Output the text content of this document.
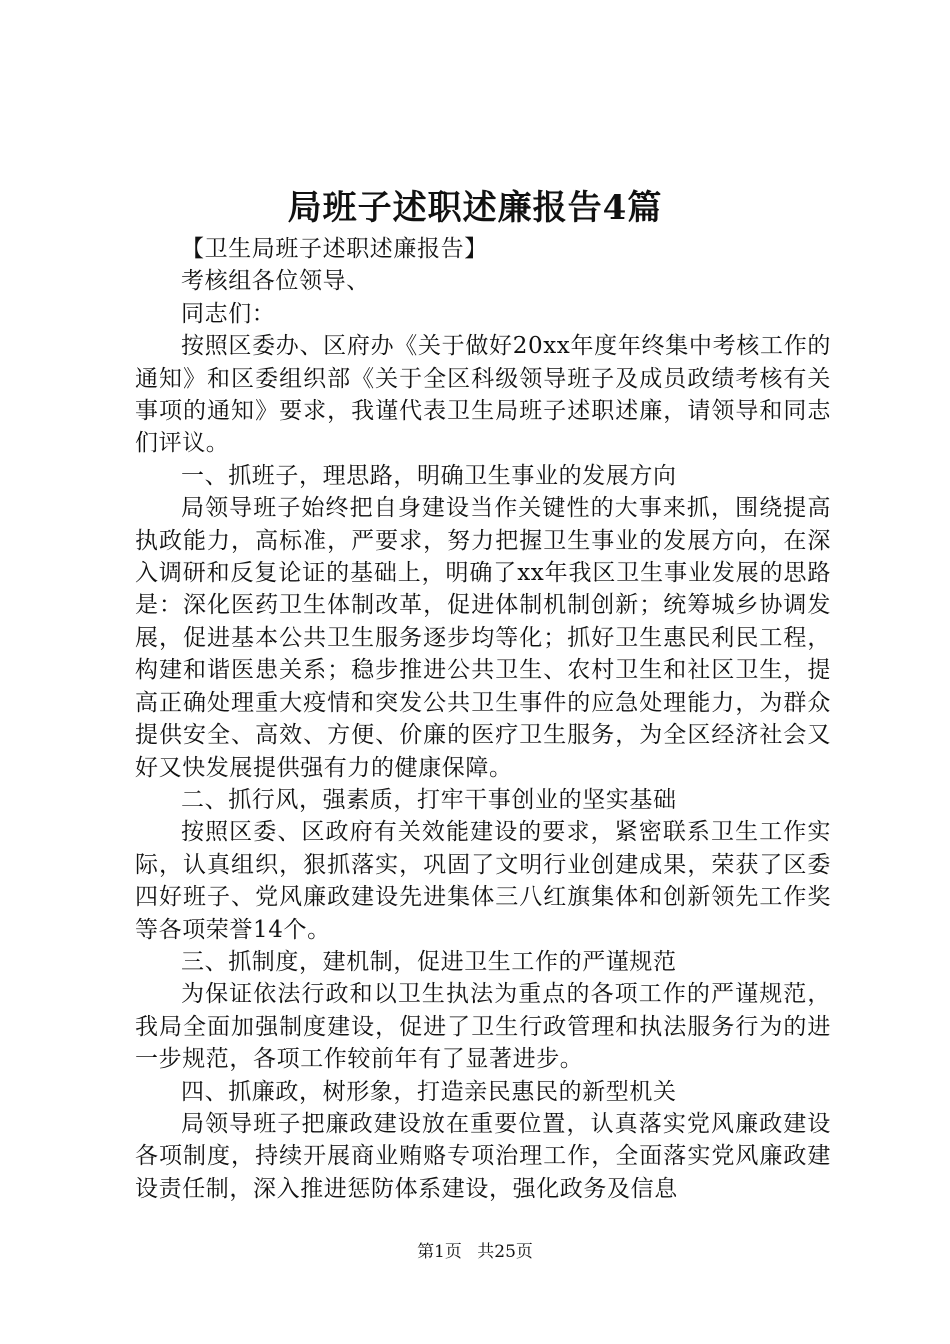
局班子述职述廉报告4篇

【卫生局班子述职述廉报告】

考核组各位领导、

同志们：

按照区委办、区府办《关于做好20xx年度年终集中考核工作的通知》和区委组织部《关于全区科级领导班子及成员政绩考核有关事项的通知》要求，我谨代表卫生局班子述职述廉，请领导和同志们评议。

一、抓班子，理思路，明确卫生事业的发展方向

局领导班子始终把自身建设当作关键性的大事来抓，围绕提高执政能力，高标准，严要求，努力把握卫生事业的发展方向，在深入调研和反复论证的基础上，明确了xx年我区卫生事业发展的思路是：深化医药卫生体制改革，促进体制机制创新；统筹城乡协调发展，促进基本公共卫生服务逐步均等化；抓好卫生惠民利民工程，构建和谐医患关系；稳步推进公共卫生、农村卫生和社区卫生，提高正确处理重大疫情和突发公共卫生事件的应急处理能力，为群众提供安全、高效、方便、价廉的医疗卫生服务，为全区经济社会又好又快发展提供强有力的健康保障。

二、抓行风，强素质，打牢干事创业的坚实基础

按照区委、区政府有关效能建设的要求，紧密联系卫生工作实际，认真组织，狠抓落实，巩固了文明行业创建成果，荣获了区委四好班子、党风廉政建设先进集体三八红旗集体和创新领先工作奖等各项荣誉14个。

三、抓制度，建机制，促进卫生工作的严谨规范

为保证依法行政和以卫生执法为重点的各项工作的严谨规范，我局全面加强制度建设，促进了卫生行政管理和执法服务行为的进一步规范，各项工作较前年有了显著进步。

四、抓廉政，树形象，打造亲民惠民的新型机关

局领导班子把廉政建设放在重要位置，认真落实党风廉政建设各项制度，持续开展商业贿赂专项治理工作，全面落实党风廉政建设责任制，深入推进惩防体系建设，强化政务及信息

第1页 共25页
